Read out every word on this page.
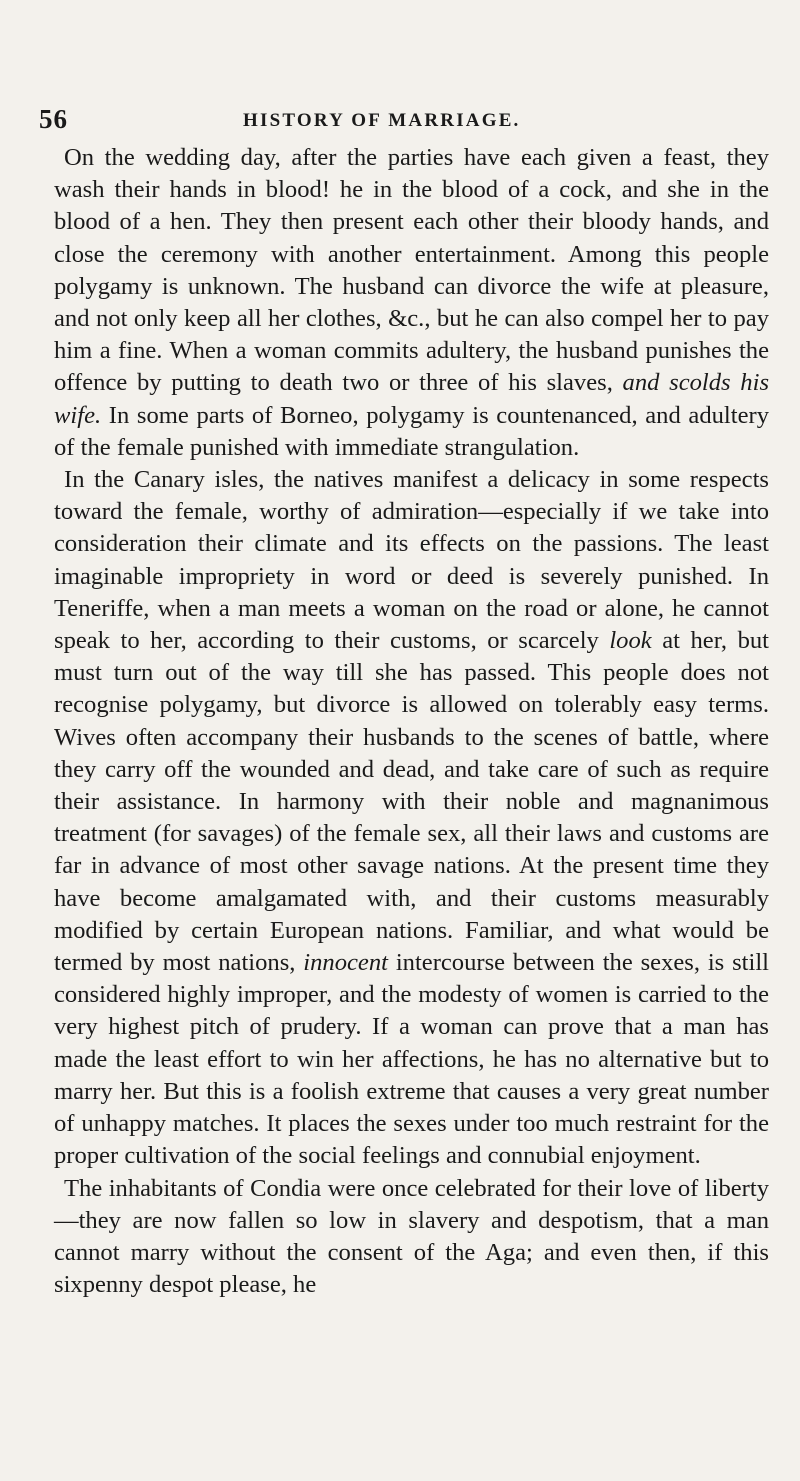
56	HISTORY OF MARRIAGE.

On the wedding day, after the parties have each given a feast, they wash their hands in blood! he in the blood of a cock, and she in the blood of a hen. They then present each other their bloody hands, and close the ceremony with another entertainment. Among this people polygamy is unknown. The husband can divorce the wife at pleasure, and not only keep all her clothes, &c., but he can also compel her to pay him a fine. When a woman commits adultery, the husband punishes the offence by putting to death two or three of his slaves, and scolds his wife. In some parts of Borneo, polygamy is countenanced, and adultery of the female punished with immediate strangulation.

In the Canary isles, the natives manifest a delicacy in some respects toward the female, worthy of admiration—especially if we take into consideration their climate and its effects on the passions. The least imaginable impropriety in word or deed is severely punished. In Teneriffe, when a man meets a woman on the road or alone, he cannot speak to her, according to their customs, or scarcely look at her, but must turn out of the way till she has passed. This people does not recognise polygamy, but divorce is allowed on tolerably easy terms. Wives often accompany their husbands to the scenes of battle, where they carry off the wounded and dead, and take care of such as require their assistance. In harmony with their noble and magnanimous treatment (for savages) of the female sex, all their laws and customs are far in advance of most other savage nations. At the present time they have become amalgamated with, and their customs measurably modified by certain European nations. Familiar, and what would be termed by most nations, innocent intercourse between the sexes, is still considered highly improper, and the modesty of women is carried to the very highest pitch of prudery. If a woman can prove that a man has made the least effort to win her affections, he has no alternative but to marry her. But this is a foolish extreme that causes a very great number of unhappy matches. It places the sexes under too much restraint for the proper cultivation of the social feelings and connubial enjoyment.

The inhabitants of Condia were once celebrated for their love of liberty—they are now fallen so low in slavery and despotism, that a man cannot marry without the consent of the Aga; and even then, if this sixpenny despot please, he
